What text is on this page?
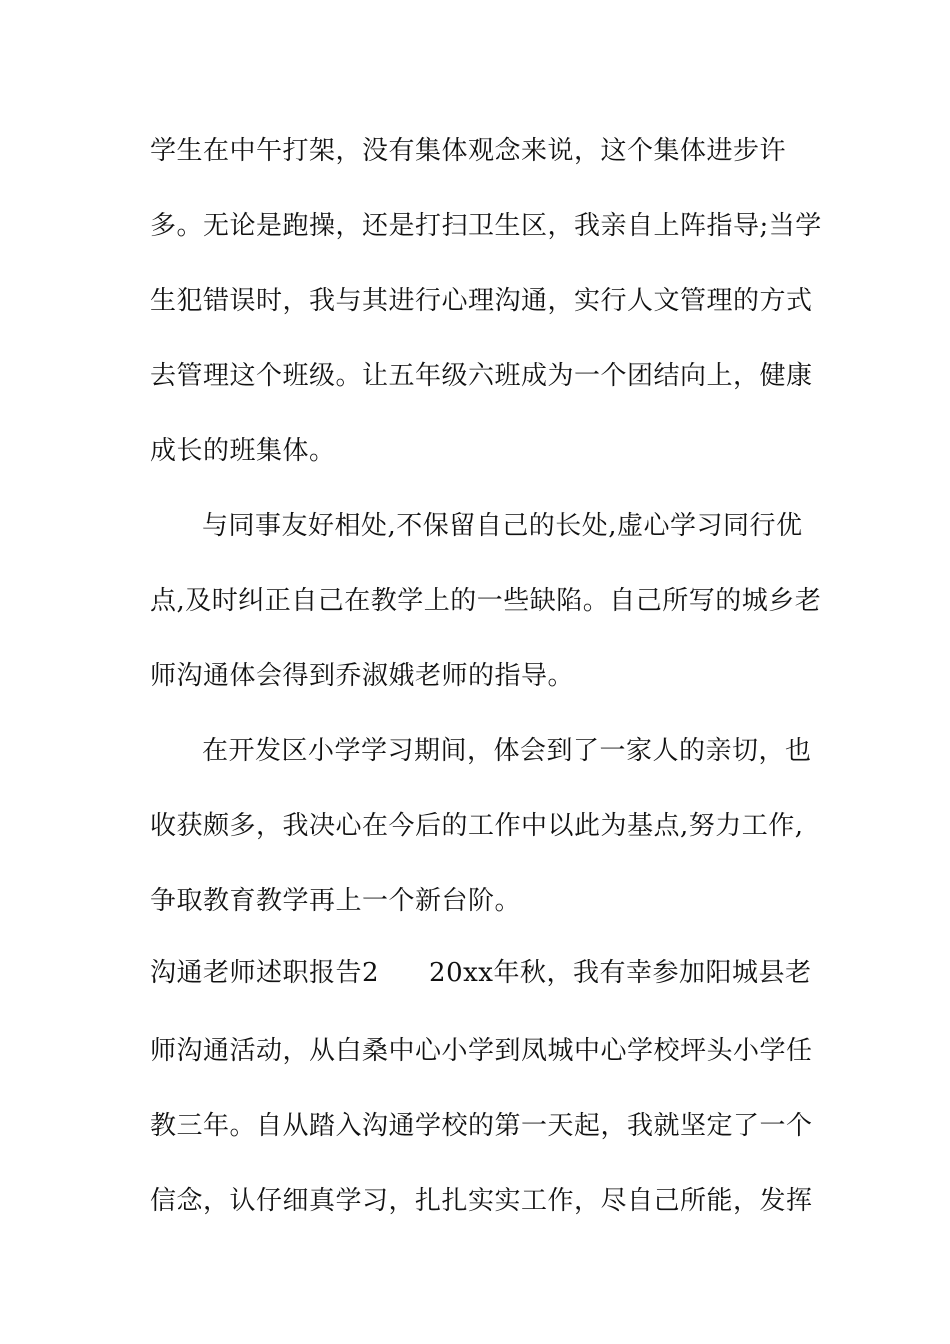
学生在中午打架，没有集体观念来说，这个集体进步许
多。无论是跑操，还是打扫卫生区，我亲自上阵指导;当学
生犯错误时，我与其进行心理沟通，实行人文管理的方式
去管理这个班级。让五年级六班成为一个团结向上，健康
成长的班集体。
与同事友好相处,不保留自己的长处,虚心学习同行优
点,及时纠正自己在教学上的一些缺陷。自己所写的城乡老
师沟通体会得到乔淑娥老师的指导。
在开发区小学学习期间，体会到了一家人的亲切，也
收获颇多，我决心在今后的工作中以此为基点,努力工作,
争取教育教学再上一个新台阶。
沟通老师述职报告2 20xx年秋，我有幸参加阳城县老
师沟通活动，从白桑中心小学到凤城中心学校坪头小学任
教三年。自从踏入沟通学校的第一天起，我就坚定了一个
信念，认仔细真学习，扎扎实实工作，尽自己所能，发挥
